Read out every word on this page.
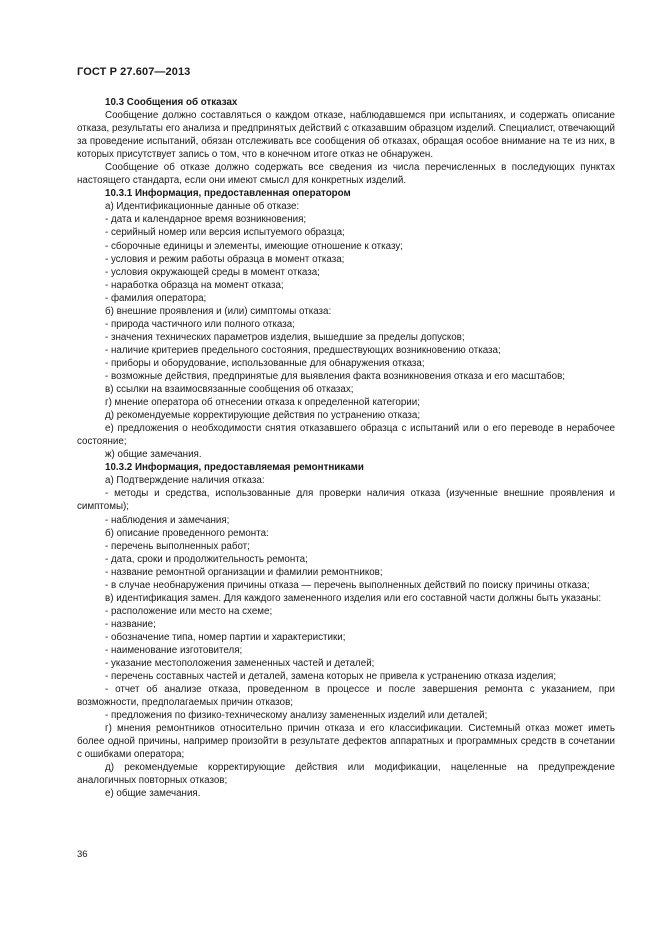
ГОСТ Р 27.607—2013

10.3 Сообщения об отказах

Сообщение должно составляться о каждом отказе, наблюдавшемся при испытаниях, и содержать описание отказа, результаты его анализа и предпринятых действий с отказавшим образцом изделий. Специалист, отвечающий за проведение испытаний, обязан отслеживать все сообщения об отказах, обращая особое внимание на те из них, в которых присутствует запись о том, что в конечном итоге отказ не обнаружен.

Сообщение об отказе должно содержать все сведения из числа перечисленных в последующих пунктах настоящего стандарта, если они имеют смысл для конкретных изделий.

10.3.1 Информация, предоставленная оператором

а) Идентификационные данные об отказе:

- дата и календарное время возникновения;

- серийный номер или версия испытуемого образца;

- сборочные единицы и элементы, имеющие отношение к отказу;

- условия и режим работы образца в момент отказа;

- условия окружающей среды в момент отказа;

- наработка образца на момент отказа;

- фамилия оператора;

б) внешние проявления и (или) симптомы отказа:

- природа частичного или полного отказа;

- значения технических параметров изделия, вышедшие за пределы допусков;

- наличие критериев предельного состояния, предшествующих возникновению отказа;

- приборы и оборудование, использованные для обнаружения отказа;

- возможные действия, предпринятые для выявления факта возникновения отказа и его масштабов;

в) ссылки на взаимосвязанные сообщения об отказах;

г) мнение оператора об отнесении отказа к определенной категории;

д) рекомендуемые корректирующие действия по устранению отказа;

е) предложения о необходимости снятия отказавшего образца с испытаний или о его переводе в нерабочее состояние;

ж) общие замечания.

10.3.2 Информация, предоставляемая ремонтниками

а) Подтверждение наличия отказа:

- методы и средства, использованные для проверки наличия отказа (изученные внешние проявления и симптомы);

- наблюдения и замечания;

б) описание проведенного ремонта:

- перечень выполненных работ;

- дата, сроки и продолжительность ремонта;

- название ремонтной организации и фамилии ремонтников;

- в случае необнаружения причины отказа — перечень выполненных действий по поиску причины отказа;

в) идентификация замен. Для каждого замененного изделия или его составной части должны быть указаны:

- расположение или место на схеме;

- название;

- обозначение типа, номер партии и характеристики;

- наименование изготовителя;

- указание местоположения замененных частей и деталей;

- перечень составных частей и деталей, замена которых не привела к устранению отказа изделия;

- отчет об анализе отказа, проведенном в процессе и после завершения ремонта с указанием, при возможности, предполагаемых причин отказов;

- предложения по физико-техническому анализу замененных изделий или деталей;

г) мнения ремонтников относительно причин отказа и его классификации. Системный отказ может иметь более одной причины, например произойти в результате дефектов аппаратных и программных средств в сочетании с ошибками оператора;

д) рекомендуемые корректирующие действия или модификации, нацеленные на предупреждение аналогичных повторных отказов;

е) общие замечания.

36
